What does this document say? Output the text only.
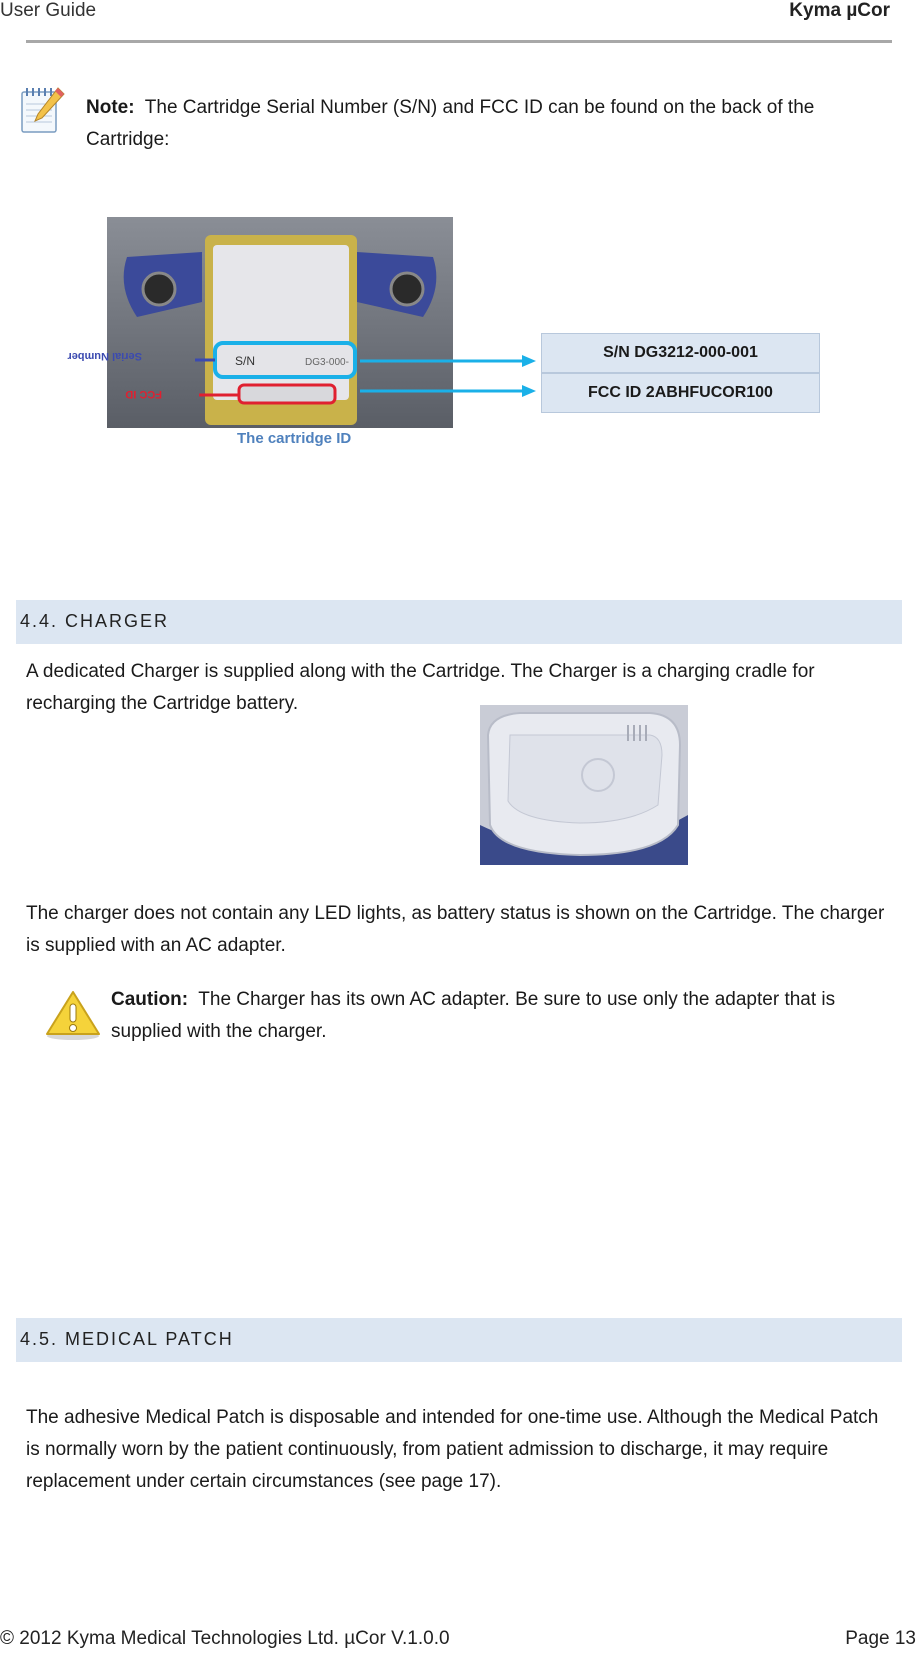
User Guide	Kyma µCor
Note: The Cartridge Serial Number (S/N) and FCC ID can be found on the back of the Cartridge:
S/N	DG3-000-
Serial Number
FCC ID
S/N DG3212-000-001
FCC ID 2ABHFUCOR100
The cartridge ID
4.4. CHARGER
A dedicated Charger is supplied along with the Cartridge. The Charger is a charging cradle for recharging the Cartridge battery.
The charger does not contain any LED lights, as battery status is shown on the Cartridge. The charger is supplied with an AC adapter.
Caution: The Charger has its own AC adapter. Be sure to use only the adapter that is supplied with the charger.
4.5. MEDICAL PATCH
The adhesive Medical Patch is disposable and intended for one-time use. Although the Medical Patch is normally worn by the patient continuously, from patient admission to discharge, it may require replacement under certain circumstances (see page 17).
© 2012 Kyma Medical Technologies Ltd. µCor V.1.0.0	Page 13
